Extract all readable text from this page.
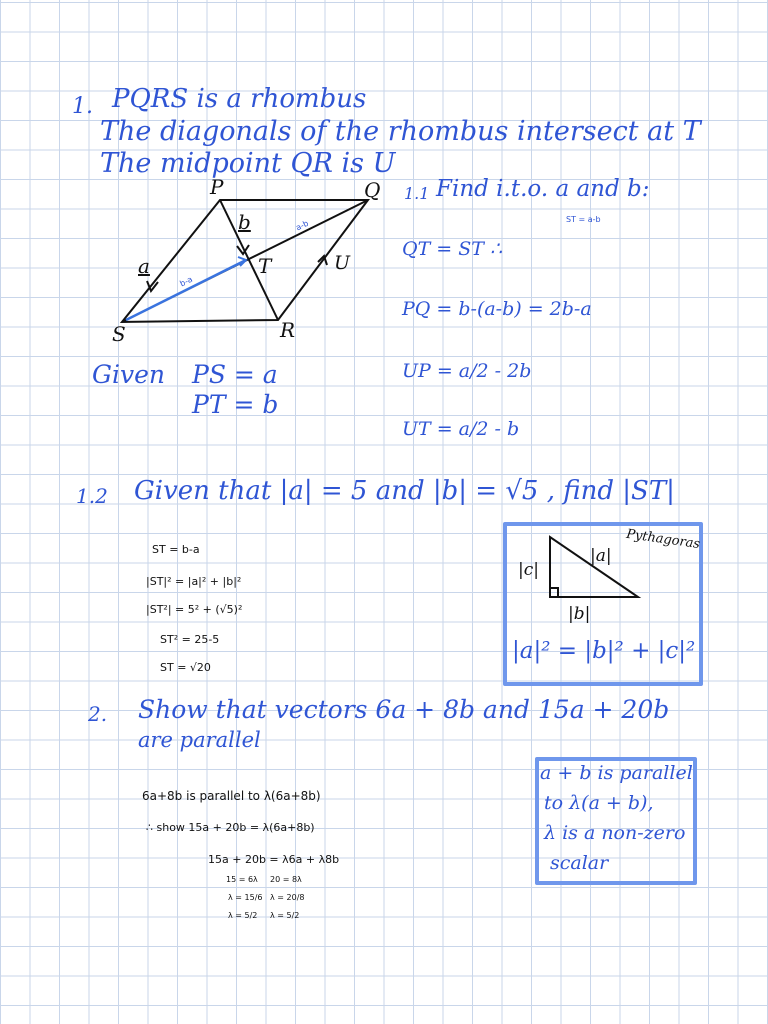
1. PQRS is a rhombus
The diagonals of the rhombus intersect at T
The midpoint QR is U
P	Q
R
S
T	U
a
b
b-a
a-b
Given PS = a
PT = b
1.1 Find i.t.o. a and b:
ST = a-b
QT = ST ∴
PQ = b-(a-b) = 2b-a
UP = a/2 - 2b
UT = a/2 - b
1.2 Given that |a| = 5 and |b| = √5 , find |ST|
ST = b-a
|ST|² = |a|² + |b|²
|ST²| = 5² + (√5)²
ST² = 25-5
ST = √20
Pythagoras
|a|
|c|
|b|
|a|² = |b|² + |c|²
2. Show that vectors 6a + 8b and 15a + 20b
are parallel
6a+8b is parallel to λ(6a+8b)
∴ show 15a + 20b = λ(6a+8b)
15a + 20b = λ6a + λ8b
15 = 6λ
λ = 15/6
λ = 5/2
20 = 8λ
λ = 20/8
λ = 5/2
a + b is parallel
to λ(a + b),
λ is a non-zero
scalar
